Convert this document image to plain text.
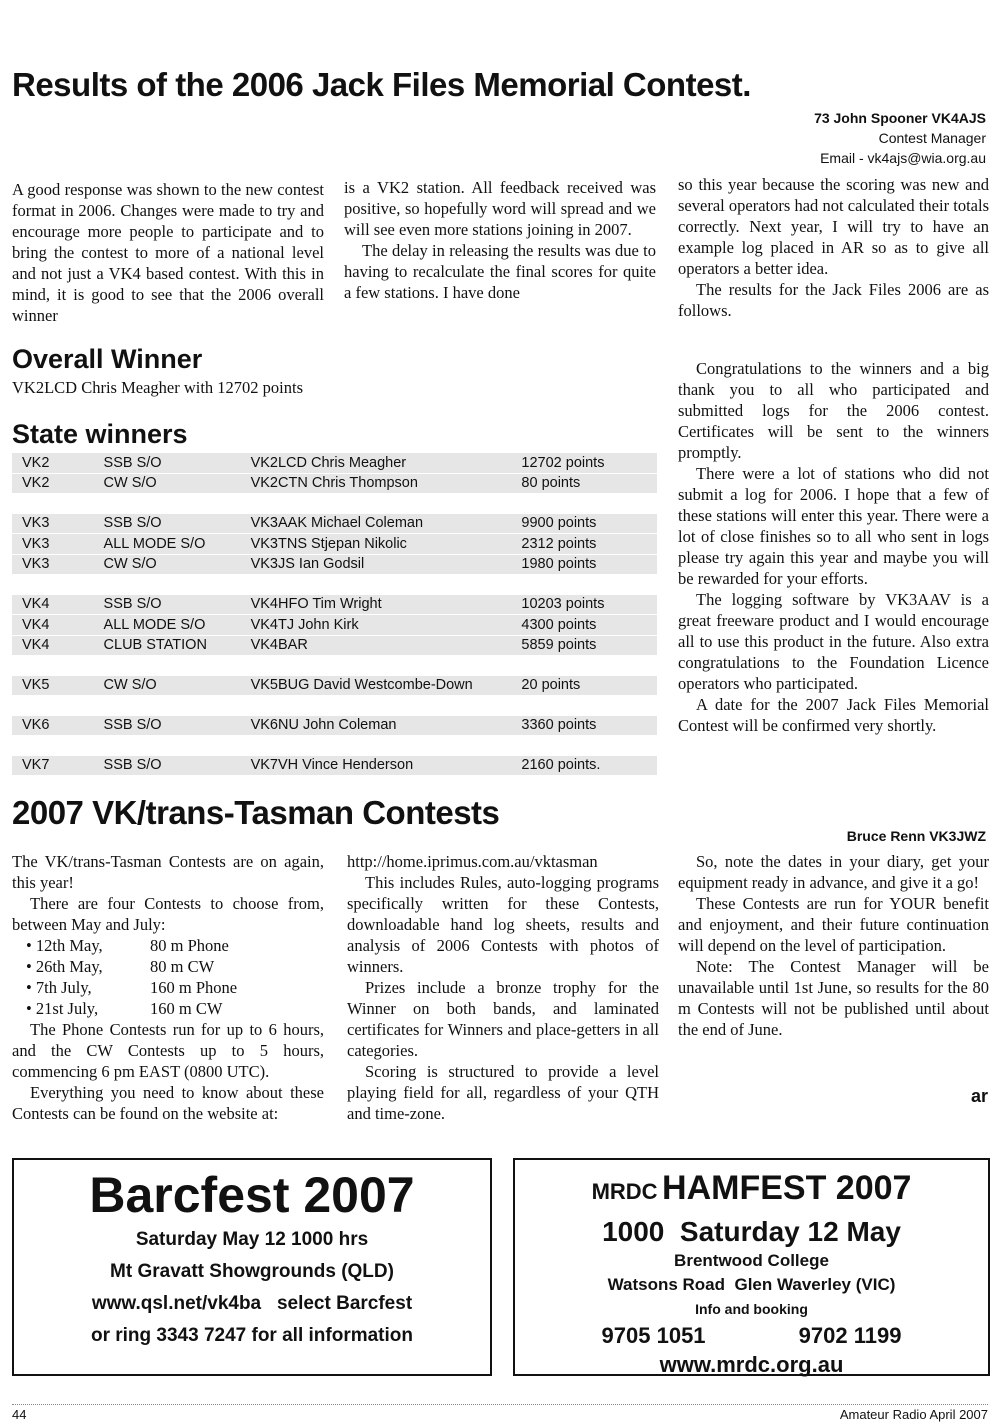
Results of the 2006 Jack Files Memorial Contest.
73 John Spooner VK4AJS
Contest Manager
Email - vk4ajs@wia.org.au

A good response was shown to the new contest format in 2006. Changes were made to try and encourage more people to participate and to bring the contest to more of a national level and not just a VK4 based contest. With this in mind, it is good to see that the 2006 overall winner

is a VK2 station. All feedback received was positive, so hopefully word will spread and we will see even more stations joining in 2007.

The delay in releasing the results was due to having to recalculate the final scores for quite a few stations. I have done

so this year because the scoring was new and several operators had not calculated their totals correctly. Next year, I will try to have an example log placed in AR so as to give all operators a better idea.

The results for the Jack Files 2006 are as follows.

Overall Winner
VK2LCD Chris Meagher with 12702 points
State winners
VK2	SSB S/O	VK2LCD Chris Meagher	12702 points
VK2	CW S/O	VK2CTN Chris Thompson	80 points

VK3	SSB S/O	VK3AAK Michael Coleman	9900 points
VK3	ALL MODE S/O	VK3TNS Stjepan Nikolic	2312 points
VK3	CW S/O	VK3JS Ian Godsil	1980 points

VK4	SSB S/O	VK4HFO Tim Wright	10203 points
VK4	ALL MODE S/O	VK4TJ John Kirk	4300 points
VK4	CLUB STATION	VK4BAR	5859 points

VK5	CW S/O	VK5BUG David Westcombe-Down	20 points

VK6	SSB S/O	VK6NU John Coleman	3360 points

VK7	SSB S/O	VK7VH Vince Henderson	2160 points.

Congratulations to the winners and a big thank you to all who participated and submitted logs for the 2006 contest. Certificates will be sent to the winners promptly.

There were a lot of stations who did not submit a log for 2006. I hope that a few of these stations will enter this year. There were a lot of close finishes so to all who sent in logs please try again this year and maybe you will be rewarded for your efforts.

The logging software by VK3AAV is a great freeware product and I would encourage all to use this product in the future. Also extra congratulations to the Foundation Licence operators who participated.

A date for the 2007 Jack Files Memorial Contest will be confirmed very shortly.

2007 VK/trans-Tasman Contests
Bruce Renn VK3JWZ

The VK/trans-Tasman Contests are on again, this year!

There are four Contests to choose from, between May and July:

• 12th May,	80 m Phone
• 26th May,	80 m CW
• 7th July,	160 m Phone
• 21st July,	160 m CW

The Phone Contests run for up to 6 hours, and the CW Contests up to 5 hours, commencing 6 pm EAST (0800 UTC).

Everything you need to know about these Contests can be found on the website at:

http://home.iprimus.com.au/vktasman

This includes Rules, auto-logging programs specifically written for these Contests, downloadable hand log sheets, results and analysis of 2006 Contests with photos of winners.

Prizes include a bronze trophy for the Winner on both bands, and laminated certificates for Winners and place-getters in all categories.

Scoring is structured to provide a level playing field for all, regardless of your QTH and time-zone.

So, note the dates in your diary, get your equipment ready in advance, and give it a go!

These Contests are run for YOUR benefit and enjoyment, and their future continuation will depend on the level of participation.

Note: The Contest Manager will be unavailable until 1st June, so results for the 80 m Contests will not be published until about the end of June.

ar
Barcfest 2007
Saturday May 12 1000 hrs
Mt Gravatt Showgrounds (QLD)
www.qsl.net/vk4ba   select Barcfest
or ring 3343 7247 for all information
MRDC HAMFEST 2007
1000  Saturday 12 May
Brentwood College
Watsons Road  Glen Waverley (VIC)
Info and booking
9705 1051	9702 1199
www.mrdc.org.au
44	Amateur Radio April 2007
